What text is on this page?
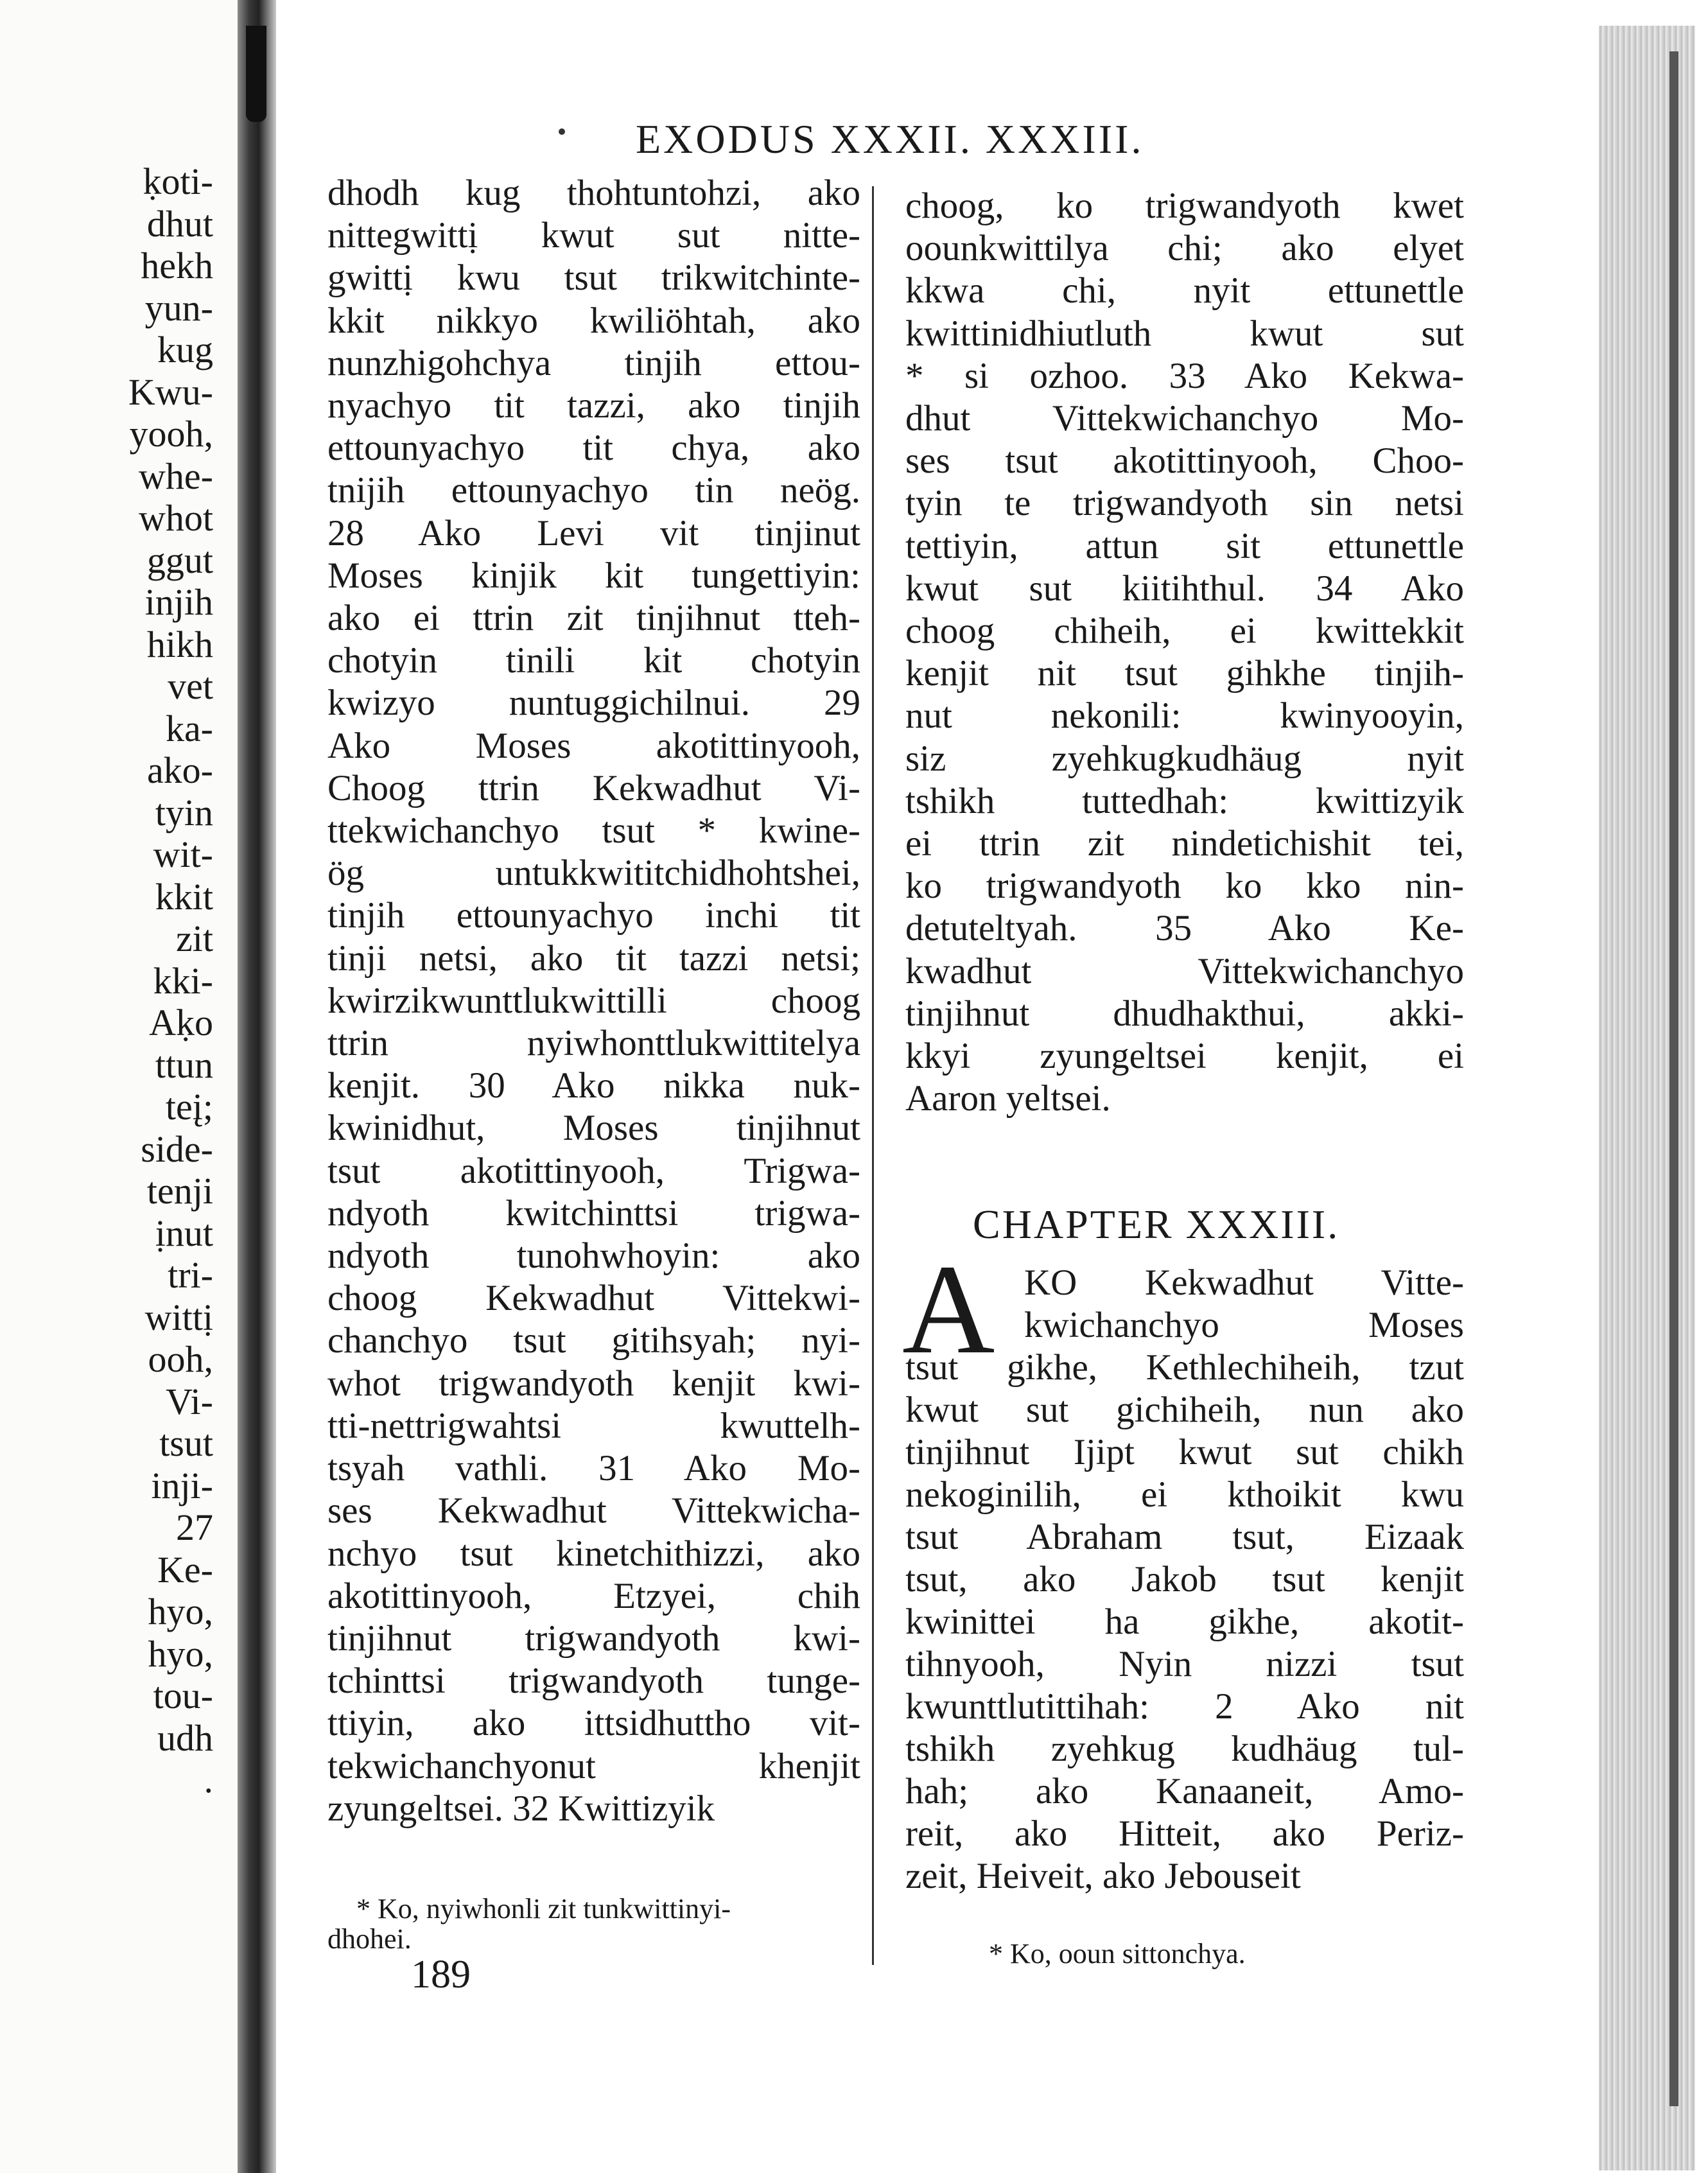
ḳoti-
dhut
hekh
yun-
kug
Kwu-
yooh,
whe-
whot
ggut
injih
hikh
vet
ka-
ako-
tyin
wit-
kkit
zit
kki-
Aḳo
ttun
teį;
side-
tenji
ịnut
tri-
wittị
ooh,
Vi-
tsut
inji-
27
Ke-
hyo,
hyo,
tou-
udh
.
EXODUS XXXII. XXXIII.
dhodh kug thohtuntohzi, ako
nittegwittị kwut sut nitte-
gwittị kwu tsut trikwitchinte-
kkit nikkyo kwiliöhtah, ako
nunzhigohchya tinjih ettou-
nyachyo tit tazzi, ako tinjih
ettounyachyo tit chya, ako
tnijih ettounyachyo tin neög.
28 Ako Levi vit tinjinut
Moses kinjik kit tungettiyin:
ako ei ttrin zit tinjihnut tteh-
chotyin tinili kit chotyin
kwizyo nuntuggichilnui. 29
Ako Moses akotittinyooh,
Choog ttrin Kekwadhut Vi-
ttekwichanchyo tsut * kwine-
ög untukkwititchidhohtshei,
tinjih ettounyachyo inchi tit
tinji netsi, ako tit tazzi netsi;
kwirzikwunttlukwittilli choog
ttrin nyiwhonttlukwittitelya
kenjit. 30 Ako nikka nuk-
kwinidhut, Moses tinjihnut
tsut akotittinyooh, Trigwa-
ndyoth kwitchinttsi trigwa-
ndyoth tunohwhoyin: ako
choog Kekwadhut Vittekwi-
chanchyo tsut gitihsyah; nyi-
whot trigwandyoth kenjit kwi-
tti-nettrigwahtsi kwuttelh-
tsyah vathli. 31 Ako Mo-
ses Kekwadhut Vittekwicha-
nchyo tsut kinetchithizzi, ako
akotittinyooh, Etzyei, chih
tinjihnut trigwandyoth kwi-
tchinttsi trigwandyoth tunge-
ttiyin, ako ittsidhuttho vit-
tekwichanchyonut khenjit
zyungeltsei. 32 Kwittizyik
choog, ko trigwandyoth kwet
oounkwittilya chi; ako elyet
kkwa chi, nyit ettunettle
kwittinidhiutluth kwut sut
* si ozhoo. 33 Ako Kekwa-
dhut Vittekwichanchyo Mo-
ses tsut akotittinyooh, Choo-
tyin te trigwandyoth sin netsi
tettiyin, attun sit ettunettle
kwut sut kiitihthul. 34 Ako
choog chiheih, ei kwittekkit
kenjit nit tsut gihkhe tinjih-
nut nekonili: kwinyooyin,
siz zyehkugkudhäug nyit
tshikh tuttedhah: kwittizyik
ei ttrin zit nindetichishit tei,
ko trigwandyoth ko kko nin-
detuteltyah. 35 Ako Ke-
kwadhut Vittekwichanchyo
tinjihnut dhudhakthui, akki-
kkyi zyungeltsei kenjit, ei
Aaron yeltsei.
* Ko, nyiwhonli zit tunkwittinyi-
dhohei.
189
CHAPTER XXXIII.
A KO Kekwadhut Vitte-
kwichanchyo Moses
tsut gikhe, Kethlechiheih, tzut
kwut sut gichiheih, nun ako
tinjihnut Ijipt kwut sut chikh
nekoginilih, ei kthoikit kwu
tsut Abraham tsut, Eizaak
tsut, ako Jakob tsut kenjit
kwinittei ha gikhe, akotit-
tihnyooh, Nyin nizzi tsut
kwunttlutittihah: 2 Ako nit
tshikh zyehkug kudhäug tul-
hah; ako Kanaaneit, Amo-
reit, ako Hitteit, ako Periz-
zeit, Heiveit, ako Jebouseit
* Ko, ooun sittonchya.
